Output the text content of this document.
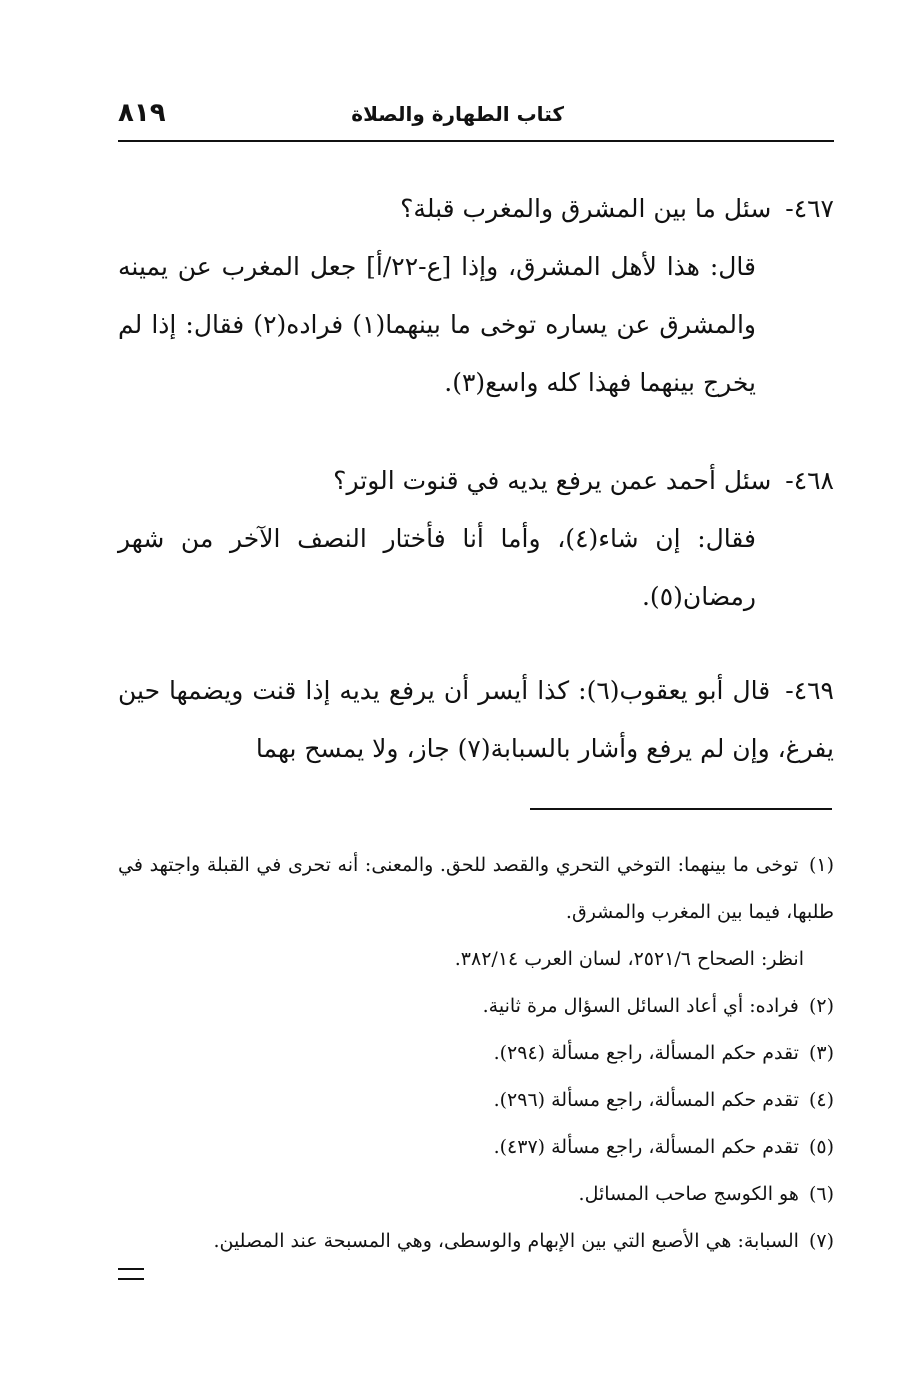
كتاب الطهارة والصلاة
٨١٩

٤٦٧- سئل ما بين المشرق والمغرب قبلة؟
قال: هذا لأهل المشرق، وإذا [ع-٢٢/أ] جعل المغرب عن يمينه والمشرق عن يساره توخى ما بينهما(١) فراده(٢) فقال: إذا لم يخرج بينهما فهذا كله واسع(٣).

٤٦٨- سئل أحمد عمن يرفع يديه في قنوت الوتر؟
فقال: إن شاء(٤)، وأما أنا فأختار النصف الآخر من شهر رمضان(٥).

٤٦٩- قال أبو يعقوب(٦): كذا أيسر أن يرفع يديه إذا قنت ويضمها حين يفرغ، وإن لم يرفع وأشار بالسبابة(٧) جاز، ولا يمسح بهما

(١) توخى ما بينهما: التوخي التحري والقصد للحق. والمعنى: أنه تحرى في القبلة واجتهد في طلبها، فيما بين المغرب والمشرق.
انظر: الصحاح ٢٥٢١/٦، لسان العرب ٣٨٢/١٤.
(٢) فراده: أي أعاد السائل السؤال مرة ثانية.
(٣) تقدم حكم المسألة، راجع مسألة (٢٩٤).
(٤) تقدم حكم المسألة، راجع مسألة (٢٩٦).
(٥) تقدم حكم المسألة، راجع مسألة (٤٣٧).
(٦) هو الكوسج صاحب المسائل.
(٧) السبابة: هي الأصبع التي بين الإبهام والوسطى، وهي المسبحة عند المصلين.
